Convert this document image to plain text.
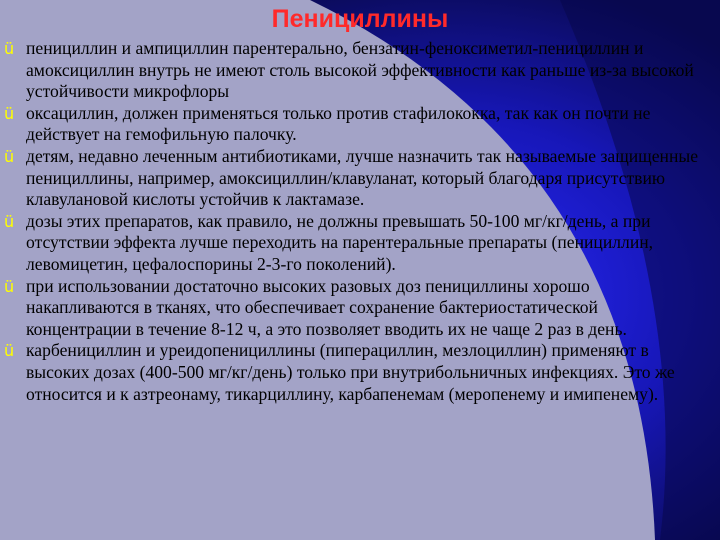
Пенициллины
ü пенициллин и ампициллин парентерально, бензатин-феноксиметил-пенициллин и амоксициллин внутрь не имеют столь высокой эффективности как раньше из-за высокой устойчивости микрофлоры
ü оксациллин, должен применяться только против стафилококка, так как он почти не действует на гемофильную палочку.
ü детям, недавно леченным антибиотиками, лучше назначить так называемые защищенные пенициллины, например, амоксициллин/клавуланат, который благодаря присутствию клавулановой кислоты устойчив к лактамазе.
ü дозы этих препаратов, как правило, не должны превышать 50-100 мг/кг/день, а при отсутствии эффекта лучше переходить на парентеральные препараты (пенициллин, левомицетин, цефалоспорины 2-3-го поколений).
ü при использовании достаточно высоких разовых доз пенициллины хорошо накапливаются в тканях, что обеспечивает сохранение бактериостатической концентрации в течение 8-12 ч, а это позволяет вводить их не чаще 2 раз в день.
ü карбенициллин и уреидопенициллины (пиперациллин, мезлоциллин) применяют в высоких дозах (400-500 мг/кг/день) только при внутрибольничных инфекциях. Это же относится и к азтреонаму, тикарциллину, карбапенемам (меропенему и имипенему).
